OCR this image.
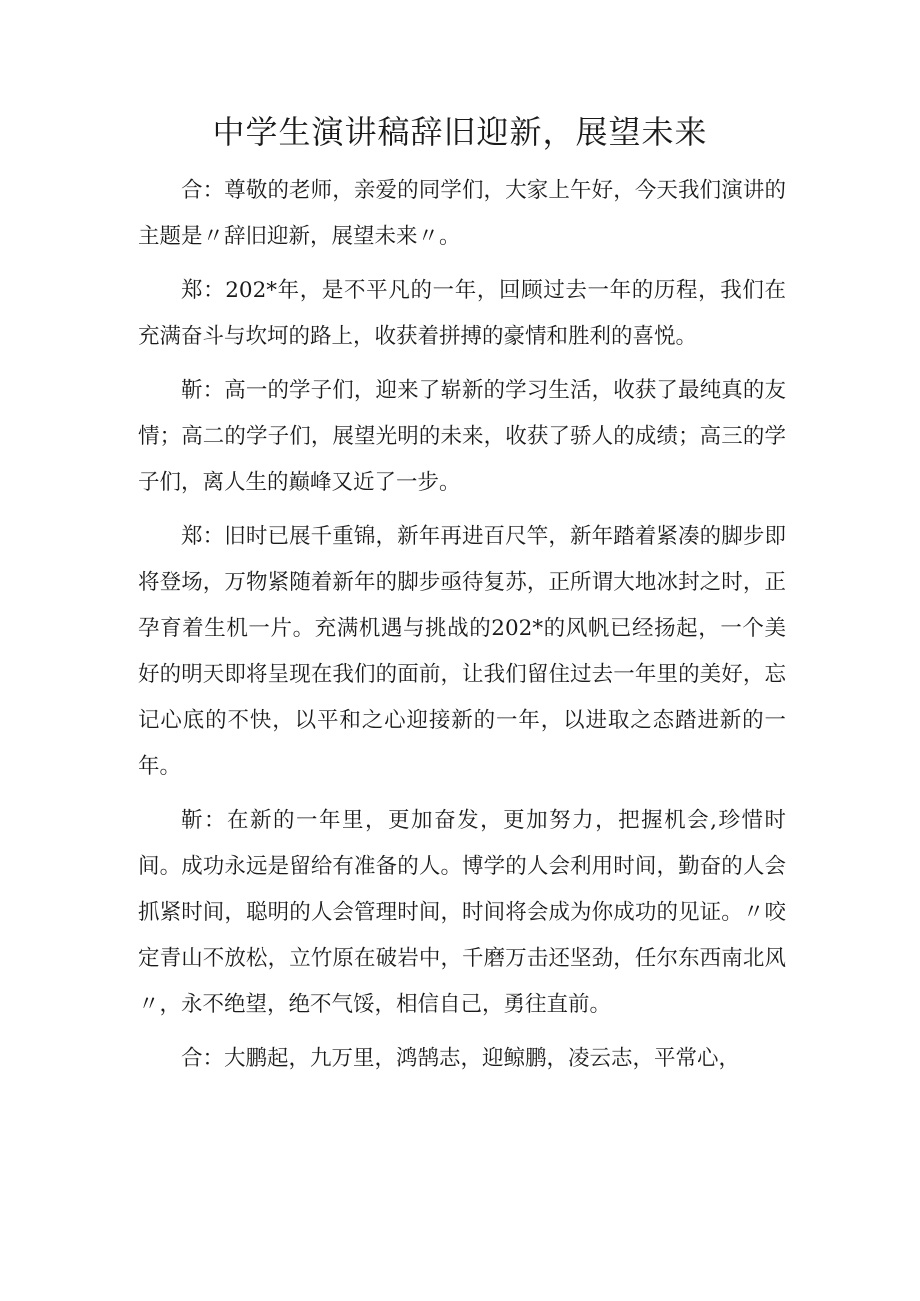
中学生演讲稿辞旧迎新，展望未来

合：尊敬的老师，亲爱的同学们，大家上午好，今天我们演讲的主题是〃辞旧迎新，展望未来〃。

郑：202*年，是不平凡的一年，回顾过去一年的历程，我们在充满奋斗与坎坷的路上，收获着拼搏的豪情和胜利的喜悦。

靳：高一的学子们，迎来了崭新的学习生活，收获了最纯真的友情；高二的学子们，展望光明的未来，收获了骄人的成绩；高三的学子们，离人生的巅峰又近了一步。

郑：旧时已展千重锦，新年再进百尺竿，新年踏着紧凑的脚步即将登场，万物紧随着新年的脚步亟待复苏，正所谓大地冰封之时，正孕育着生机一片。充满机遇与挑战的202*的风帆已经扬起，一个美好的明天即将呈现在我们的面前，让我们留住过去一年里的美好，忘记心底的不快，以平和之心迎接新的一年，以进取之态踏进新的一年。

靳：在新的一年里，更加奋发，更加努力，把握机会,珍惜时间。成功永远是留给有准备的人。博学的人会利用时间，勤奋的人会抓紧时间，聪明的人会管理时间，时间将会成为你成功的见证。〃咬定青山不放松，立竹原在破岩中，千磨万击还坚劲，任尔东西南北风〃，永不绝望，绝不气馁，相信自己，勇往直前。

合：大鹏起，九万里，鸿鹄志，迎鲸鹏，凌云志，平常心，
